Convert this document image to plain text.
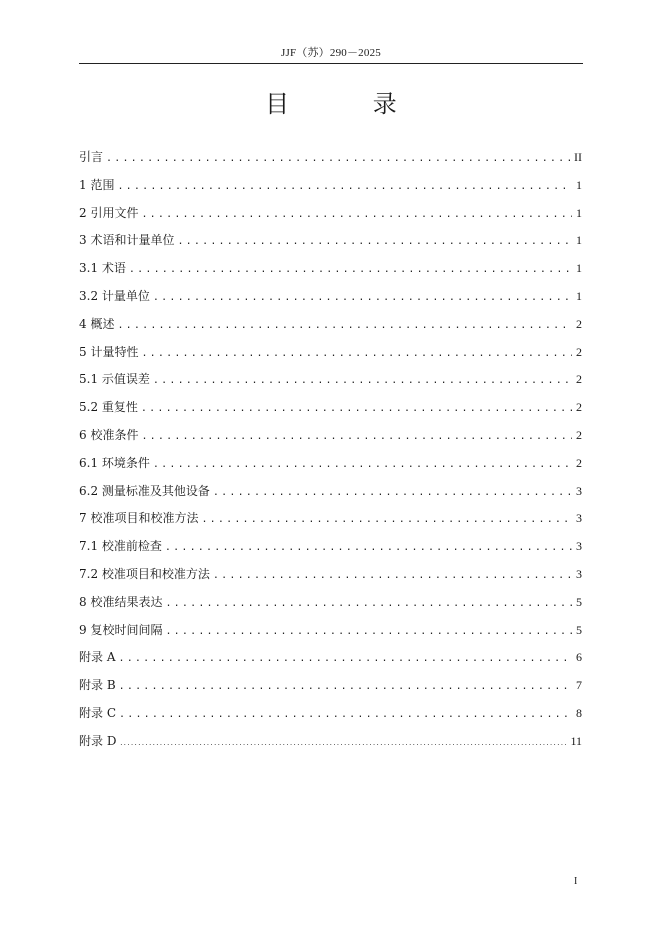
JJF（苏）290－2025
目 录
引言 .....	II
1 范围 .....	1
2 引用文件 .....	1
3 术语和计量单位 .....	1
3.1 术语 .....	1
3.2 计量单位 .....	1
4 概述 .....	2
5 计量特性 .....	2
5.1 示值误差 .....	2
5.2 重复性 .....	2
6 校准条件 .....	2
6.1 环境条件 .....	2
6.2 测量标准及其他设备 .....	3
7 校准项目和校准方法 .....	3
7.1 校准前检查 .....	3
7.2 校准项目和校准方法 .....	3
8 校准结果表达 .....	5
9 复校时间间隔 .....	5
附录 A .....	6
附录 B .....	7
附录 C .....	8
附录 D .....	11
I
